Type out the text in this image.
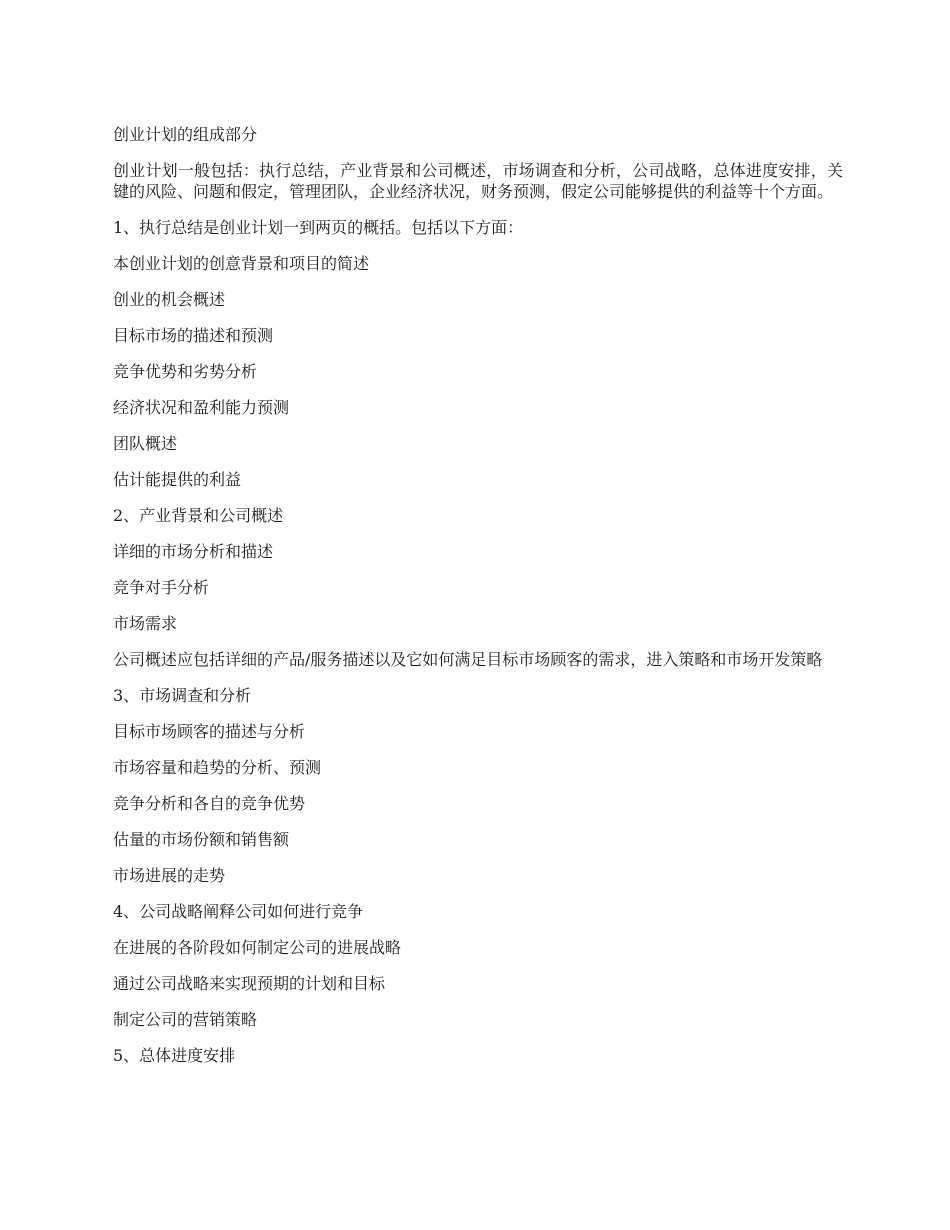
创业计划的组成部分

创业计划一般包括：执行总结，产业背景和公司概述，市场调查和分析，公司战略，总体进度安排，关键的风险、问题和假定，管理团队，企业经济状况，财务预测，假定公司能够提供的利益等十个方面。

1、执行总结是创业计划一到两页的概括。包括以下方面：

本创业计划的创意背景和项目的简述

创业的机会概述

目标市场的描述和预测

竞争优势和劣势分析

经济状况和盈利能力预测

团队概述

估计能提供的利益

2、产业背景和公司概述

详细的市场分析和描述

竞争对手分析

市场需求

公司概述应包括详细的产品/服务描述以及它如何满足目标市场顾客的需求，进入策略和市场开发策略

3、市场调查和分析

目标市场顾客的描述与分析

市场容量和趋势的分析、预测

竞争分析和各自的竞争优势

估量的市场份额和销售额

市场进展的走势

4、公司战略阐释公司如何进行竞争

在进展的各阶段如何制定公司的进展战略

通过公司战略来实现预期的计划和目标

制定公司的营销策略

5、总体进度安排
